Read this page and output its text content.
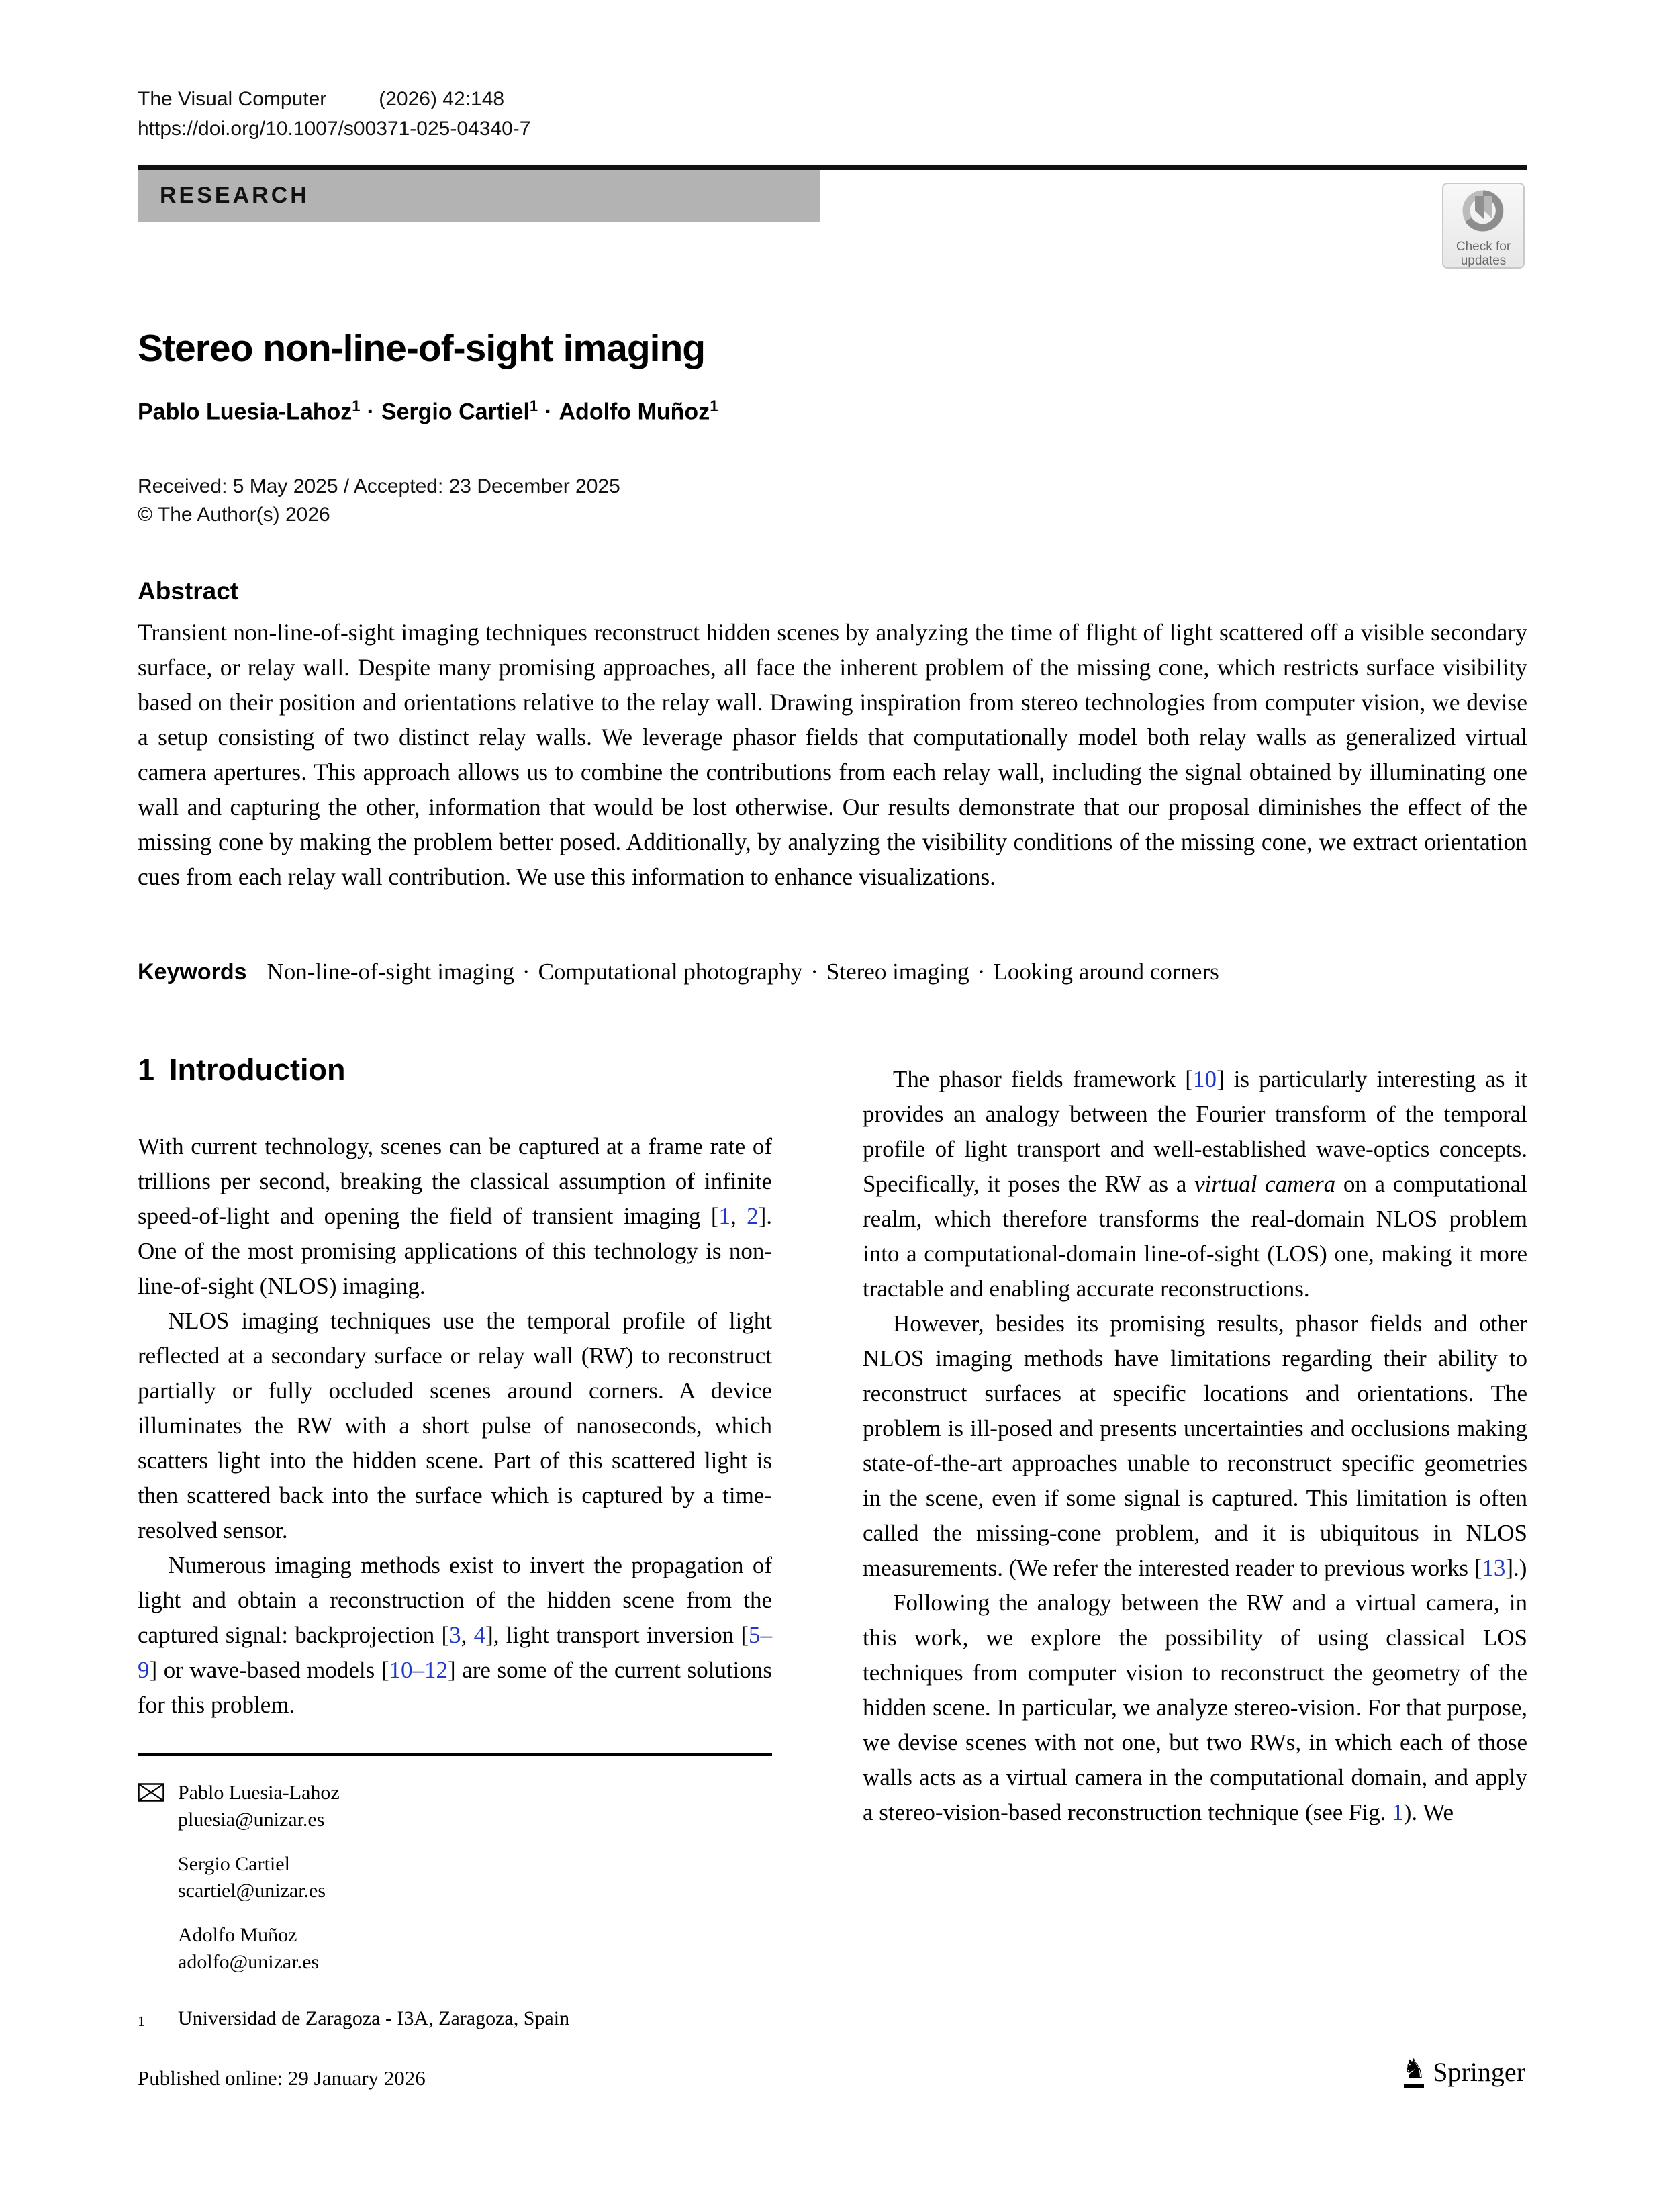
The Visual Computer	(2026) 42:148
https://doi.org/10.1007/s00371-025-04340-7
RESEARCH
Check for
updates
Stereo non-line-of-sight imaging
Pablo Luesia-Lahoz$^1$ · Sergio Cartiel$^1$ · Adolfo Muñoz$^1$
Received: 5 May 2025 / Accepted: 23 December 2025
© The Author(s) 2026
Abstract

Transient non-line-of-sight imaging techniques reconstruct hidden scenes by analyzing the time of flight of light scattered off a visible secondary surface, or relay wall. Despite many promising approaches, all face the inherent problem of the missing cone, which restricts surface visibility based on their position and orientations relative to the relay wall. Drawing inspiration from stereo technologies from computer vision, we devise a setup consisting of two distinct relay walls. We leverage phasor fields that computationally model both relay walls as generalized virtual camera apertures. This approach allows us to combine the contributions from each relay wall, including the signal obtained by illuminating one wall and capturing the other, information that would be lost otherwise. Our results demonstrate that our proposal diminishes the effect of the missing cone by making the problem better posed. Additionally, by analyzing the visibility conditions of the missing cone, we extract orientation cues from each relay wall contribution. We use this information to enhance visualizations.

Keywords Non-line-of-sight imaging · Computational photography · Stereo imaging · Looking around corners
1 Introduction

With current technology, scenes can be captured at a frame rate of trillions per second, breaking the classical assumption of infinite speed-of-light and opening the field of transient imaging [1, 2]. One of the most promising applications of this technology is non-line-of-sight (NLOS) imaging.

NLOS imaging techniques use the temporal profile of light reflected at a secondary surface or relay wall (RW) to reconstruct partially or fully occluded scenes around corners. A device illuminates the RW with a short pulse of nanoseconds, which scatters light into the hidden scene. Part of this scattered light is then scattered back into the surface which is captured by a time-resolved sensor.

Numerous imaging methods exist to invert the propagation of light and obtain a reconstruction of the hidden scene from the captured signal: backprojection [3, 4], light transport inversion [5–9] or wave-based models [10–12] are some of the current solutions for this problem.

Pablo Luesia-Lahoz
pluesia@unizar.es
Sergio Cartiel
scartiel@unizar.es
Adolfo Muñoz
adolfo@unizar.es
$^1$	Universidad de Zaragoza - I3A, Zaragoza, Spain

The phasor fields framework [10] is particularly interesting as it provides an analogy between the Fourier transform of the temporal profile of light transport and well-established wave-optics concepts. Specifically, it poses the RW as a virtual camera on a computational realm, which therefore transforms the real-domain NLOS problem into a computational-domain line-of-sight (LOS) one, making it more tractable and enabling accurate reconstructions.

However, besides its promising results, phasor fields and other NLOS imaging methods have limitations regarding their ability to reconstruct surfaces at specific locations and orientations. The problem is ill-posed and presents uncertainties and occlusions making state-of-the-art approaches unable to reconstruct specific geometries in the scene, even if some signal is captured. This limitation is often called the missing-cone problem, and it is ubiquitous in NLOS measurements. (We refer the interested reader to previous works [13].)

Following the analogy between the RW and a virtual camera, in this work, we explore the possibility of using classical LOS techniques from computer vision to reconstruct the geometry of the hidden scene. In particular, we analyze stereo-vision. For that purpose, we devise scenes with not one, but two RWs, in which each of those walls acts as a virtual camera in the computational domain, and apply a stereo-vision-based reconstruction technique (see Fig. 1). We

Published online: 29 January 2026 ♞	Springer
